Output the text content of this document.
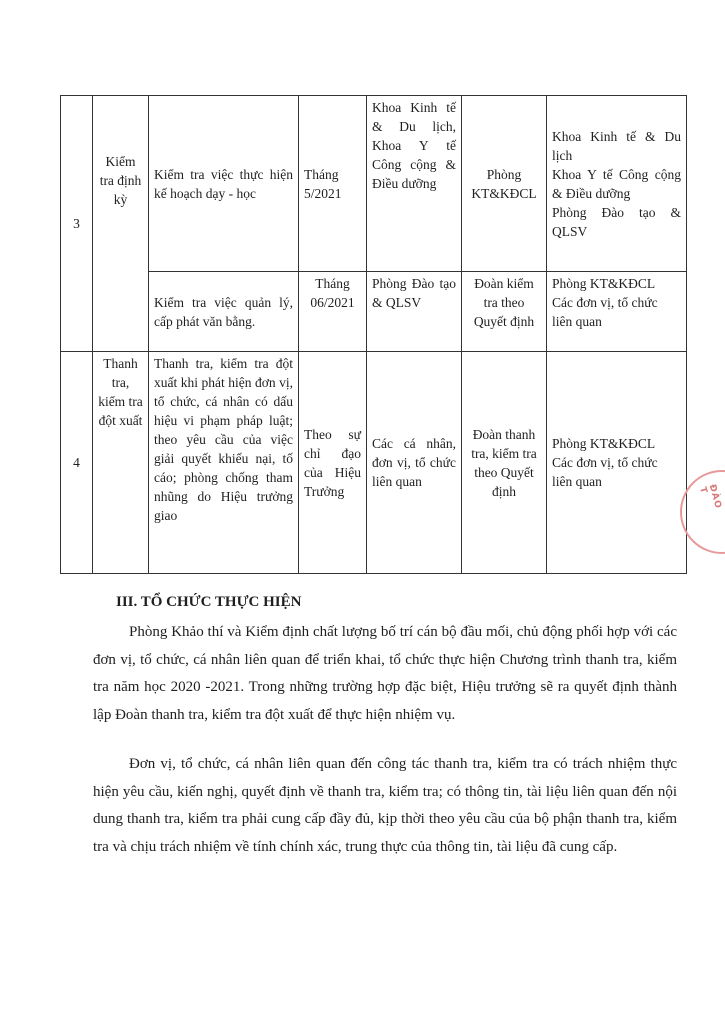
3	Kiểm tra định kỳ	Kiểm tra việc thực hiện kế hoạch dạy - học	Tháng 5/2021	Khoa Kinh tế & Du lịch, Khoa Y tế Công cộng & Điều dưỡng	Phòng KT&KĐCL	Khoa Kinh tế & Du lịch
Khoa Y tế Công cộng & Điều dưỡng
Phòng Đào tạo & QLSV
		Kiểm tra việc quản lý, cấp phát văn bằng.	Tháng 06/2021	Phòng Đào tạo & QLSV	Đoàn kiểm tra theo Quyết định	Phòng KT&KĐCL
Các đơn vị, tổ chức liên quan
4	Thanh tra, kiểm tra đột xuất	Thanh tra, kiểm tra đột xuất khi phát hiện đơn vị, tổ chức, cá nhân có dấu hiệu vi phạm pháp luật; theo yêu cầu của việc giải quyết khiếu nại, tố cáo; phòng chống tham nhũng do Hiệu trưởng giao	Theo sự chỉ đạo của Hiệu Trưởng	Các cá nhân, đơn vị, tổ chức liên quan	Đoàn thanh tra, kiểm tra theo Quyết định	Phòng KT&KĐCL
Các đơn vị, tổ chức liên quan
ĐÀO T
III. TỔ CHỨC THỰC HIỆN

Phòng Khảo thí và Kiểm định chất lượng bố trí cán bộ đầu mối, chủ động phối hợp với các đơn vị, tổ chức, cá nhân liên quan để triển khai, tổ chức thực hiện Chương trình thanh tra, kiểm tra năm học 2020 -2021. Trong những trường hợp đặc biệt, Hiệu trưởng sẽ ra quyết định thành lập Đoàn thanh tra, kiểm tra đột xuất để thực hiện nhiệm vụ.

Đơn vị, tổ chức, cá nhân liên quan đến công tác thanh tra, kiểm tra có trách nhiệm thực hiện yêu cầu, kiến nghị, quyết định về thanh tra, kiểm tra; có thông tin, tài liệu liên quan đến nội dung thanh tra, kiểm tra phải cung cấp đầy đủ, kịp thời theo yêu cầu của bộ phận thanh tra, kiểm tra và chịu trách nhiệm về tính chính xác, trung thực của thông tin, tài liệu đã cung cấp.
